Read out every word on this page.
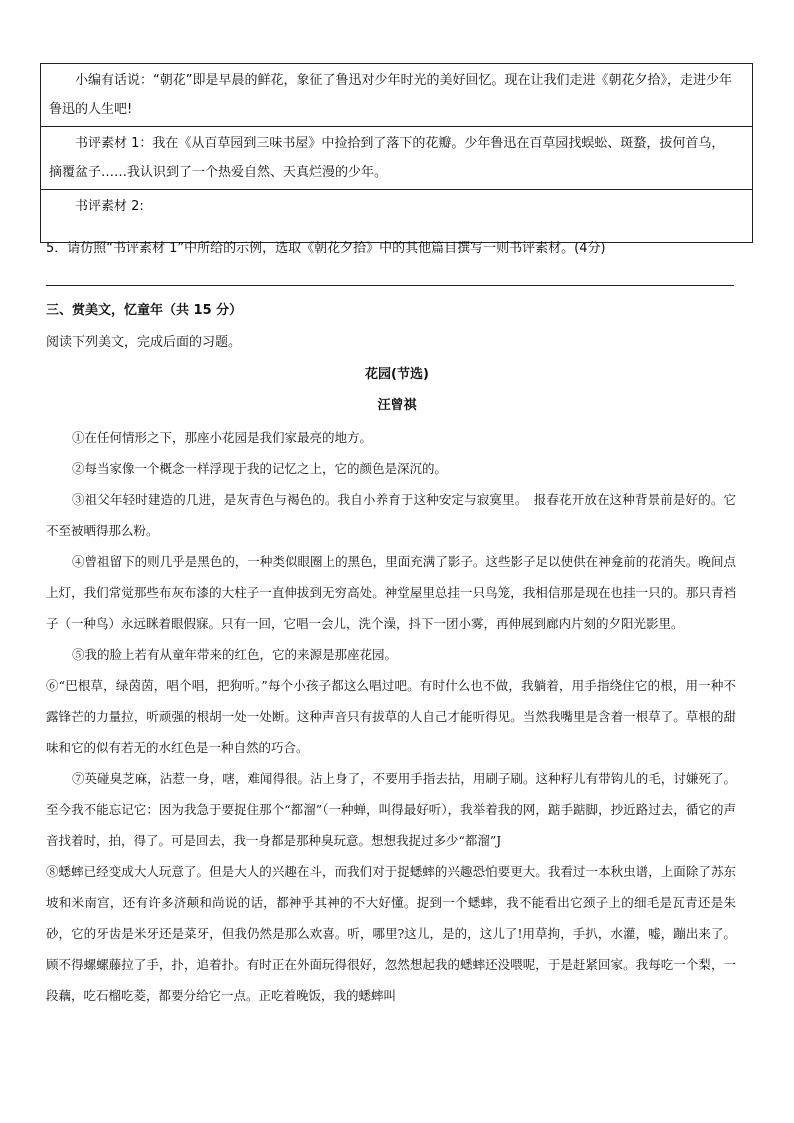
小编有话说：“朝花”即是早晨的鲜花，象征了鲁迅对少年时光的美好回忆。现在让我们走进《朝花夕拾》，走进少年鲁迅的人生吧!
书评素材 1：我在《从百草园到三味书屋》中捡拾到了落下的花瓣。少年鲁迅在百草园找蜈蚣、斑蝥，拔何首乌，摘覆盆子……我认识到了一个热爱自然、天真烂漫的少年。
书评素材 2:
5．请仿照“书评素材 1”中所给的示例，选取《朝花夕拾》中的其他篇目撰写一则书评素材。(4分)
三、赏美文，忆童年（共 15 分）
阅读下列美文，完成后面的习题。
花园(节选)
汪曾祺

①在任何情形之下，那座小花园是我们家最亮的地方。

②每当家像一个概念一样浮现于我的记忆之上，它的颜色是深沉的。

③祖父年轻时建造的几进，是灰青色与褐色的。我自小养育于这种安定与寂寞里。　报春花开放在这种背景前是好的。它不至被晒得那么粉。

④曾祖留下的则几乎是黑色的，一种类似眼圈上的黑色，里面充满了影子。这些影子足以使供在神龛前的花消失。晚间点上灯，我们常觉那些布灰布漆的大柱子一直伸拔到无穷高处。神堂屋里总挂一只鸟笼，我相信那是现在也挂一只的。那只青裆子（一种鸟）永远眯着眼假寐。只有一回，它唱一会儿，洗个澡，抖下一团小雾，再伸展到廊内片刻的夕阳光影里。

⑤我的脸上若有从童年带来的红色，它的来源是那座花园。

⑥“巴根草，绿茵茵，唱个唱，把狗听。”每个小孩子都这么唱过吧。有时什么也不做，我躺着，用手指绕住它的根，用一种不露锋芒的力量拉，听顽强的根胡一处一处断。这种声音只有拔草的人自己才能听得见。当然我嘴里是含着一根草了。草根的甜味和它的似有若无的水红色是一种自然的巧合。

⑦英碰臭芝麻，沾惹一身，嗐，难闻得很。沾上身了，不要用手指去拈，用刷子刷。这种籽儿有带钩儿的毛，讨嫌死了。至今我不能忘记它：因为我急于要捉住那个“都溜”（一种蝉，叫得最好听），我举着我的网，踮手踮脚，抄近路过去，循它的声音找着时，拍，得了。可是回去，我一身都是那种臭玩意。想想我捉过多少“都溜”J

⑧蟋蟀已经变成大人玩意了。但是大人的兴趣在斗，而我们对于捉蟋蟀的兴趣恐怕要更大。我看过一本秋虫谱，上面除了苏东坡和米南宫，还有许多济颠和尚说的话，都神乎其神的不大好懂。捉到一个蟋蟀，我不能看出它颈子上的细毛是瓦青还是朱砂，它的牙齿是米牙还是菜牙，但我仍然是那么欢喜。听，哪里?这儿，是的，这儿了!用草拘，手扒，水灌，嘘，蹦出来了。顾不得螺螺藤拉了手，扑，追着扑。有时正在外面玩得很好，忽然想起我的蟋蟀还没喂呢，于是赶紧回家。我每吃一个梨，一段藕，吃石榴吃菱，都要分给它一点。正吃着晚饭，我的蟋蟀叫
